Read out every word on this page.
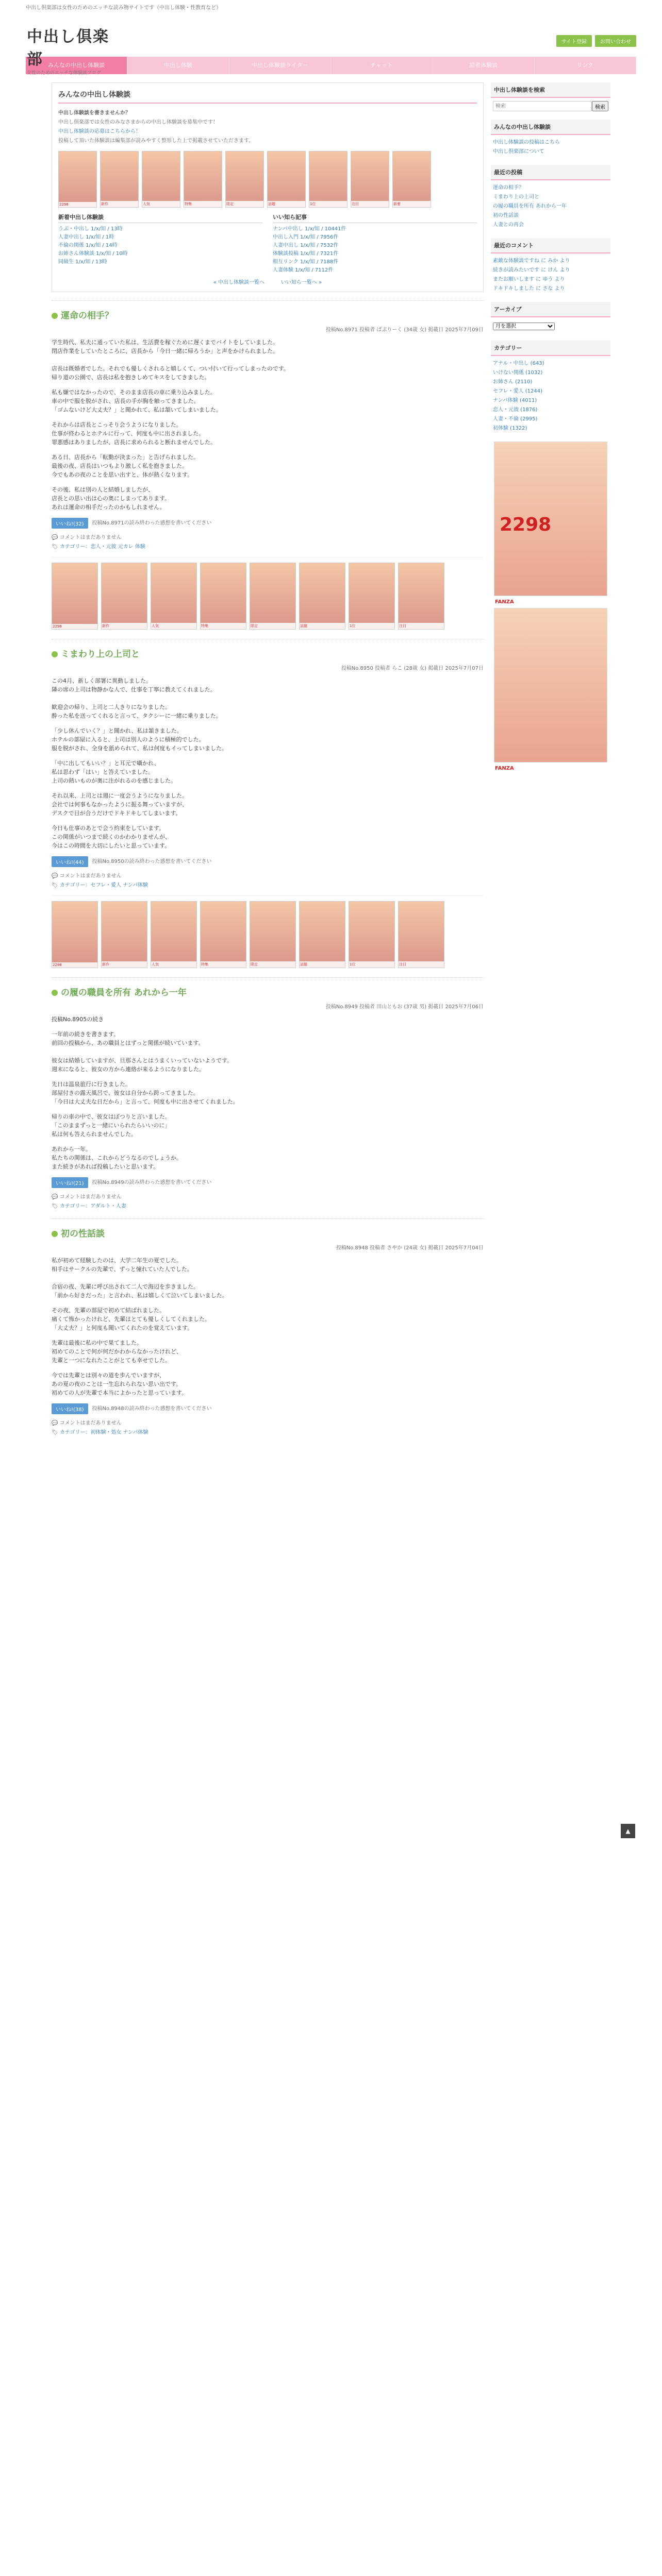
中出し倶楽部は女性のためのエッチな読み物サイトです（中出し体験・性教育など）
中出し倶楽部
女性のためのエッチな体験談ブログ
サイト登録	お問い合わせ
みんなの中出し体験談	中出し体験	中出し体験談ライター	チャット	読者体験談	リンク
みんなの中出し体験談
中出し体験談を書きませんか？
中出し倶楽部では女性のみなさまからの中出し体験談を募集中です！
中出し体験談の応募はこちらから！
投稿して頂いた体験談は編集部が読みやすく整形した上で掲載させていただきます。
2298	新作	人気	特集	限定	話題	1位	注目	新着
新着中出し体験談
うぶ・中出し 1/x/知 / 13時
人妻中出し 1/x/知 / 1時
不倫の関係 1/x/知 / 14時
お姉さん体験談 1/x/知 / 10時
同級生 1/x/知 / 13時
いい知ら記事
ナンパ中出し 1/x/知 / 10441件
中出し入門 1/x/知 / 7956件
人妻中出し 1/x/知 / 7532件
体験談投稿 1/x/知 / 7321件
相互リンク 1/x/知 / 7188件
人妻体験 1/x/知 / 7112件
« 中出し体験談一覧へ	いい知ら一覧へ »
運命の相手？
投稿No.8971 投稿者 ぱぷりーく (34歳 女) 掲載日 2025年7月09日

学生時代、私夫に通っていた私は、生活費を稼ぐために遅くまでバイトをしていました。
閉店作業をしていたところに、店長から「今日一緒に帰ろうか」と声をかけられました。

店長は既婚者でした。それでも優しくされると嬉しくて、つい付いて行ってしまったのです。
帰り道の公園で、店長は私を抱きしめてキスをしてきました。

私も嫌ではなかったので、そのまま店長の車に乗り込みました。
車の中で服を脱がされ、店長の手が胸を触ってきました。
「ゴムないけど大丈夫？」と聞かれて、私は頷いてしまいました。

それからは店長とこっそり会うようになりました。
仕事が終わるとホテルに行って、何度も中に出されました。
罪悪感はありましたが、店長に求められると断れませんでした。

ある日、店長から「転勤が決まった」と告げられました。
最後の夜、店長はいつもより激しく私を抱きました。
今でもあの夜のことを思い出すと、体が熱くなります。

その後、私は別の人と結婚しましたが、
店長との思い出は心の奥にしまってあります。
あれは運命の相手だったのかもしれません。

いいね!(32)	投稿No.8971の読み終わった感想を書いてください
💬 コメントはまだありません
🏷 カテゴリー：恋人・元彼 元カレ 体験
2298	新作	人気	特集	限定	話題	1位	注目
ミまわり上の上司と
投稿No.8950 投稿者 らこ (28歳 女) 掲載日 2025年7月07日

この4月、新しく部署に異動しました。
隣の席の上司は物静かな人で、仕事を丁寧に教えてくれました。

歓迎会の帰り、上司と二人きりになりました。
酔った私を送ってくれると言って、タクシーに一緒に乗りました。

「少し休んでいく？」と聞かれ、私は頷きました。
ホテルの部屋に入ると、上司は別人のように積極的でした。
服を脱がされ、全身を舐められて、私は何度もイってしまいました。

「中に出してもいい？」と耳元で囁かれ、
私は思わず「はい」と答えていました。
上司の熱いものが奥に注がれるのを感じました。

それ以来、上司とは週に一度会うようになりました。
会社では何事もなかったように振る舞っていますが、
デスクで目が合うだけでドキドキしてしまいます。

今日も仕事のあとで会う約束をしています。
この関係がいつまで続くのかわかりませんが、
今はこの時間を大切にしたいと思っています。

いいね!(44)	投稿No.8950の読み終わった感想を書いてください
💬 コメントはまだありません
🏷 カテゴリー：セフレ・愛人 ナンパ体験
2298	新作	人気	特集	限定	話題	1位	注目
の履の職員を所有 あれから一年
投稿No.8949 投稿者 田山ともお (37歳 男) 掲載日 2025年7月06日

投稿No.8905の続き

一年前の続きを書きます。
前回の投稿から、あの職員とはずっと関係が続いています。

彼女は結婚していますが、旦那さんとはうまくいっていないようです。
週末になると、彼女の方から連絡が来るようになりました。

先日は温泉旅行に行きました。
部屋付きの露天風呂で、彼女は自分から跨ってきました。
「今日は大丈夫な日だから」と言って、何度も中に出させてくれました。

帰りの車の中で、彼女はぽつりと言いました。
「このままずっと一緒にいられたらいいのに」
私は何も答えられませんでした。

あれから一年。
私たちの関係は、これからどうなるのでしょうか。
また続きがあれば投稿したいと思います。

いいね!(21)	投稿No.8949の読み終わった感想を書いてください
💬 コメントはまだありません
🏷 カテゴリー：アダルト・人妻
初の性話談
投稿No.8948 投稿者 さやか (24歳 女) 掲載日 2025年7月04日

私が初めて経験したのは、大学二年生の夏でした。
相手はサークルの先輩で、ずっと憧れていた人でした。

合宿の夜、先輩に呼び出されて二人で海辺を歩きました。
「前から好きだった」と言われ、私は嬉しくて泣いてしまいました。

その夜、先輩の部屋で初めて結ばれました。
痛くて怖かったけれど、先輩はとても優しくしてくれました。
「大丈夫？」と何度も聞いてくれたのを覚えています。

先輩は最後に私の中で果てました。
初めてのことで何が何だかわからなかったけれど、
先輩と一つになれたことがとても幸せでした。

今では先輩とは別々の道を歩んでいますが、
あの夏の夜のことは一生忘れられない思い出です。
初めての人が先輩で本当によかったと思っています。

いいね!(38)	投稿No.8948の読み終わった感想を書いてください
💬 コメントはまだありません
🏷 カテゴリー：初体験・処女 ナンパ体験
中出し体験談を検索
検索
検索
みんなの中出し体験談
中出し体験談の投稿はこちら
中出し倶楽部について
最近の投稿
運命の相手？
ミまわり上の上司と
の履の職員を所有 あれから一年
初の性話談
人妻との再会
最近のコメント
素敵な体験談ですね に みか より
続きが読みたいです に けん より
またお願いします に ゆう より
ドキドキしました に さな より
アーカイブ
月を選択
カテゴリー
アナル・中出し (643)
いけない関係 (1032)
お姉さん (2110)
セフレ・愛人 (1244)
ナンパ体験 (4011)
恋人・元彼 (1876)
人妻・不倫 (2995)
初体験 (1322)
2298
FANZA
FANZA
▲
